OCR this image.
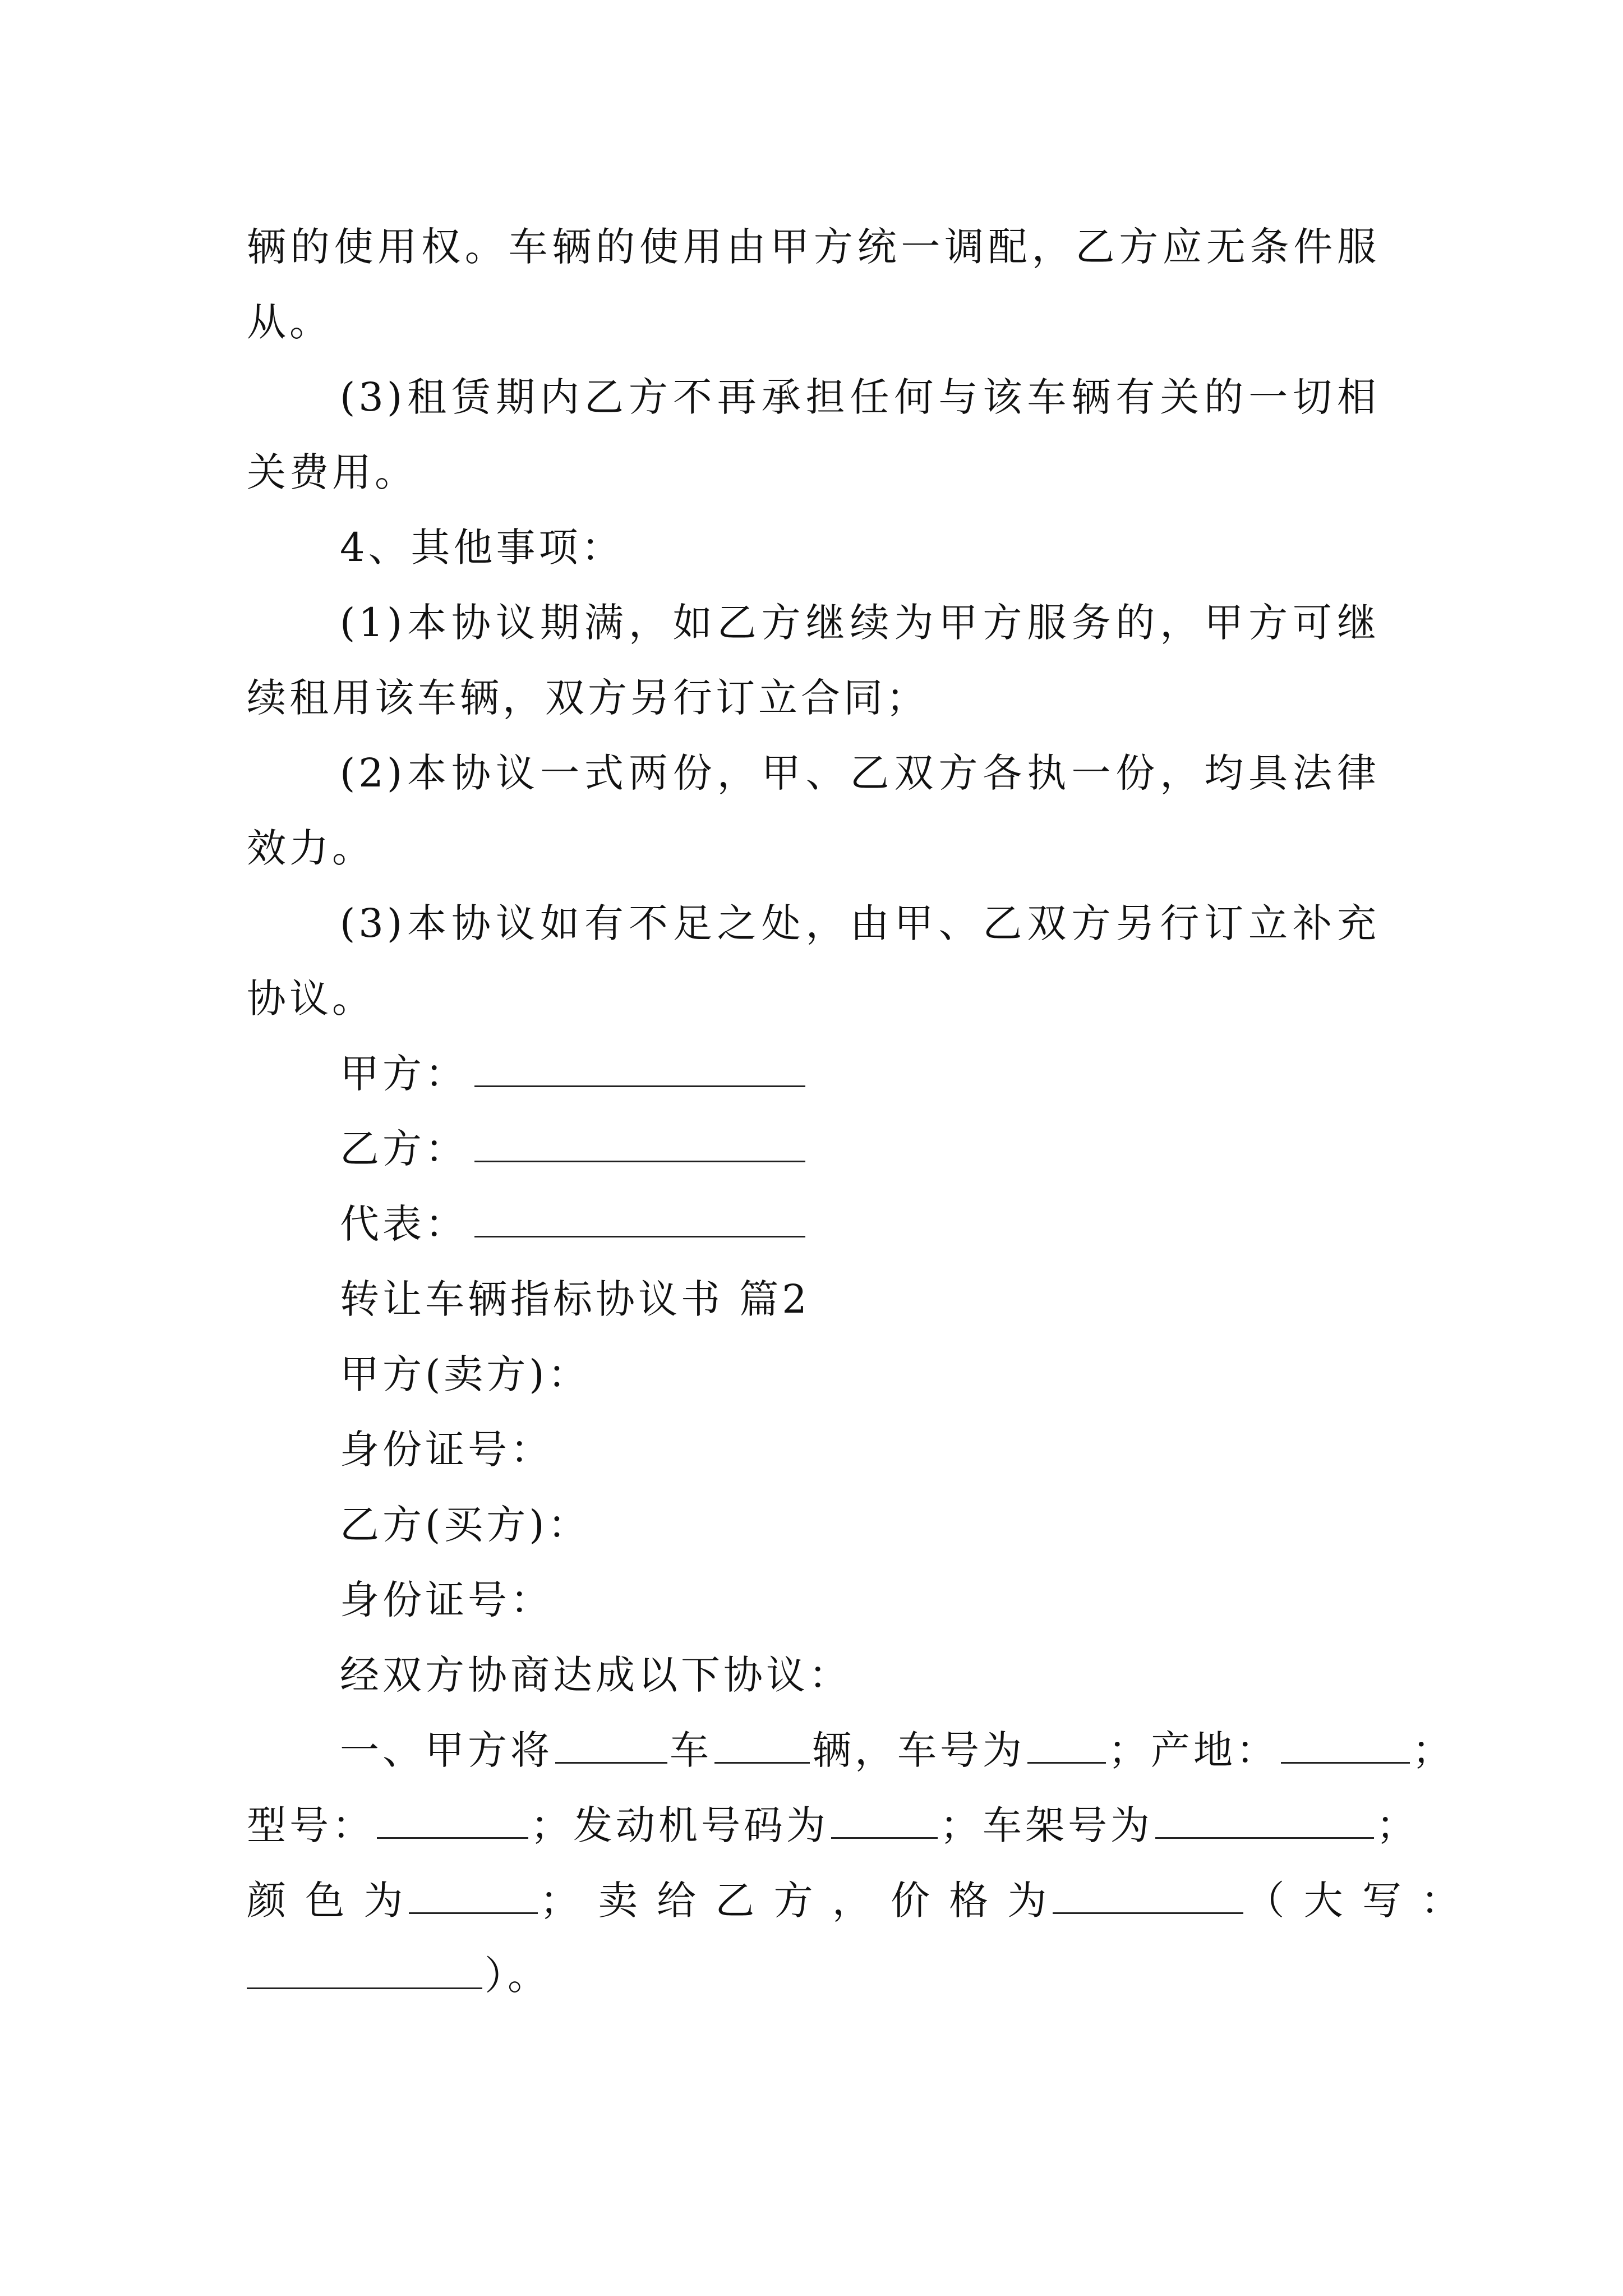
辆的使用权。车辆的使用由甲方统一调配，乙方应无条件服
从。
(3)租赁期内乙方不再承担任何与该车辆有关的一切相
关费用。
4、其他事项：
(1)本协议期满，如乙方继续为甲方服务的，甲方可继
续租用该车辆，双方另行订立合同；
(2)本协议一式两份，甲、乙双方各执一份，均具法律
效力。
(3)本协议如有不足之处，由甲、乙双方另行订立补充
协议。
甲方：
乙方：
代表：
转让车辆指标协议书 篇2
甲方(卖方)：
身份证号：
乙方(买方)：
身份证号：
经双方协商达成以下协议：
一、甲方将	车	辆，车号为 ；产地：	；
型号：	；发动机号码为	；车架号为	；
颜 色 为	； 卖 给 乙 方 ， 价 格 为	（ 大 写 ：
）。
